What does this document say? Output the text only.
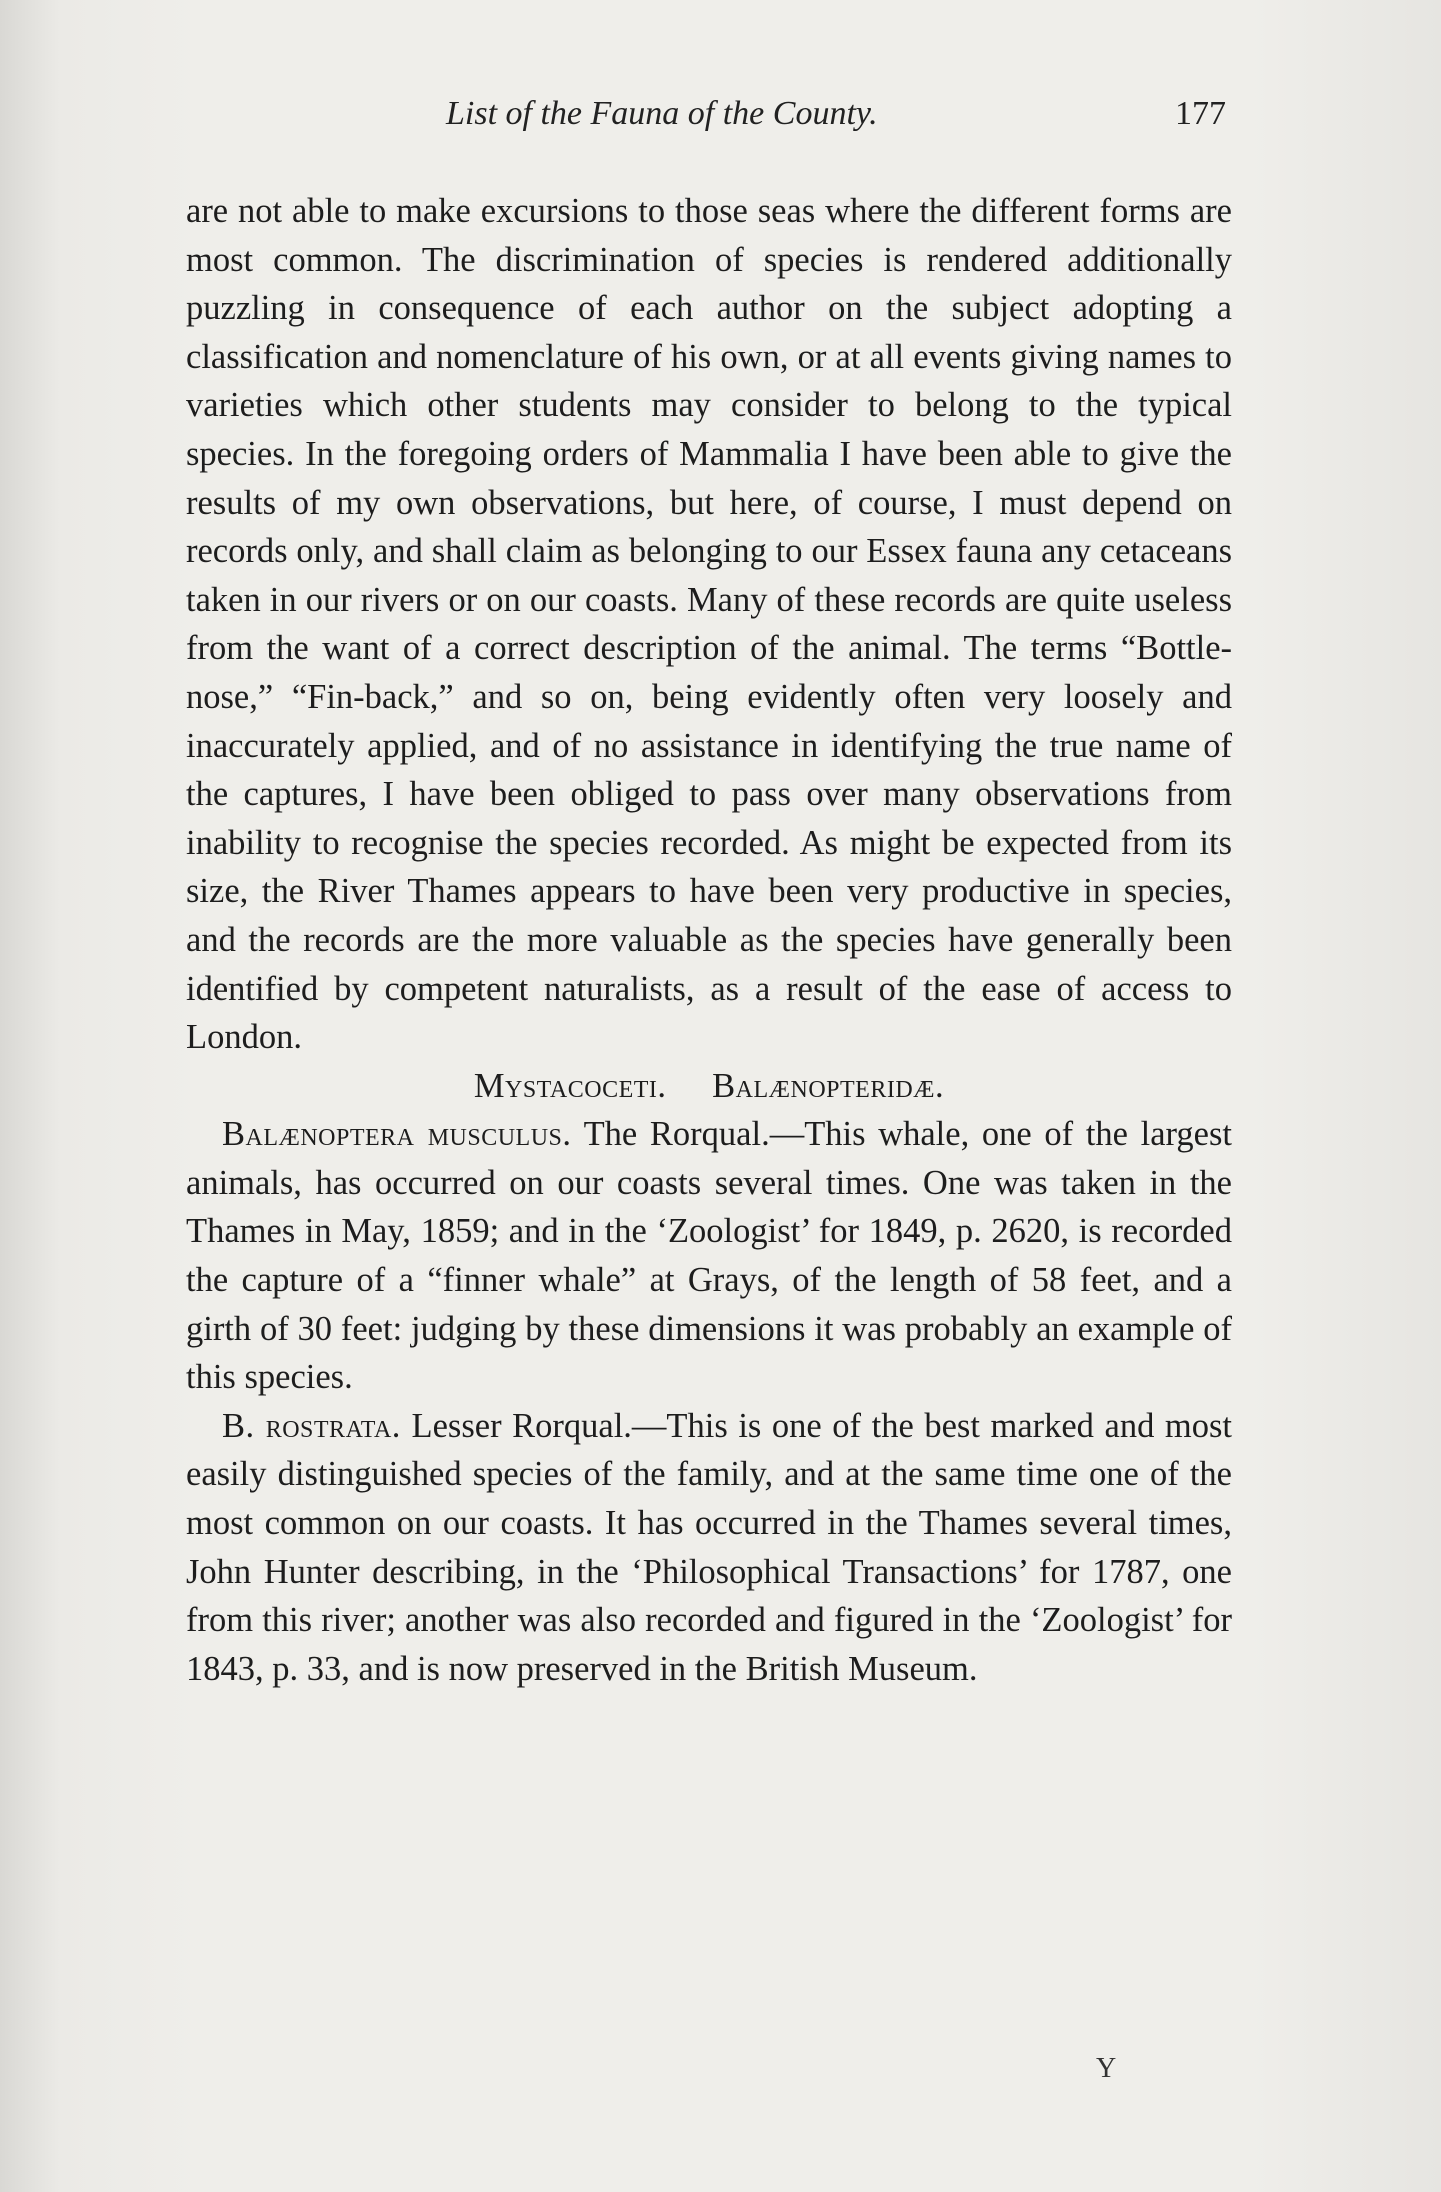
List of the Fauna of the County.	177

are not able to make excursions to those seas where the different forms are most common. The discrimination of species is rendered additionally puzzling in consequence of each author on the subject adopting a classification and nomenclature of his own, or at all events giving names to varieties which other students may consider to belong to the typical species. In the foregoing orders of Mammalia I have been able to give the results of my own observations, but here, of course, I must depend on records only, and shall claim as belonging to our Essex fauna any cetaceans taken in our rivers or on our coasts. Many of these records are quite useless from the want of a correct description of the animal. The terms “Bottle-nose,” “Fin-back,” and so on, being evidently often very loosely and inaccurately applied, and of no assistance in identifying the true name of the captures, I have been obliged to pass over many observations from inability to recognise the species recorded. As might be expected from its size, the River Thames appears to have been very productive in species, and the records are the more valuable as the species have generally been identified by competent naturalists, as a result of the ease of access to London.

Mystacoceti. Balænopteridæ.

Balænoptera musculus. The Rorqual.—This whale, one of the largest animals, has occurred on our coasts several times. One was taken in the Thames in May, 1859; and in the ‘Zoologist’ for 1849, p. 2620, is recorded the capture of a “finner whale” at Grays, of the length of 58 feet, and a girth of 30 feet: judging by these dimensions it was probably an example of this species.

B. rostrata. Lesser Rorqual.—This is one of the best marked and most easily distinguished species of the family, and at the same time one of the most common on our coasts. It has occurred in the Thames several times, John Hunter describing, in the ‘Philosophical Transactions’ for 1787, one from this river; another was also recorded and figured in the ‘Zoologist’ for 1843, p. 33, and is now preserved in the British Museum.

Y
